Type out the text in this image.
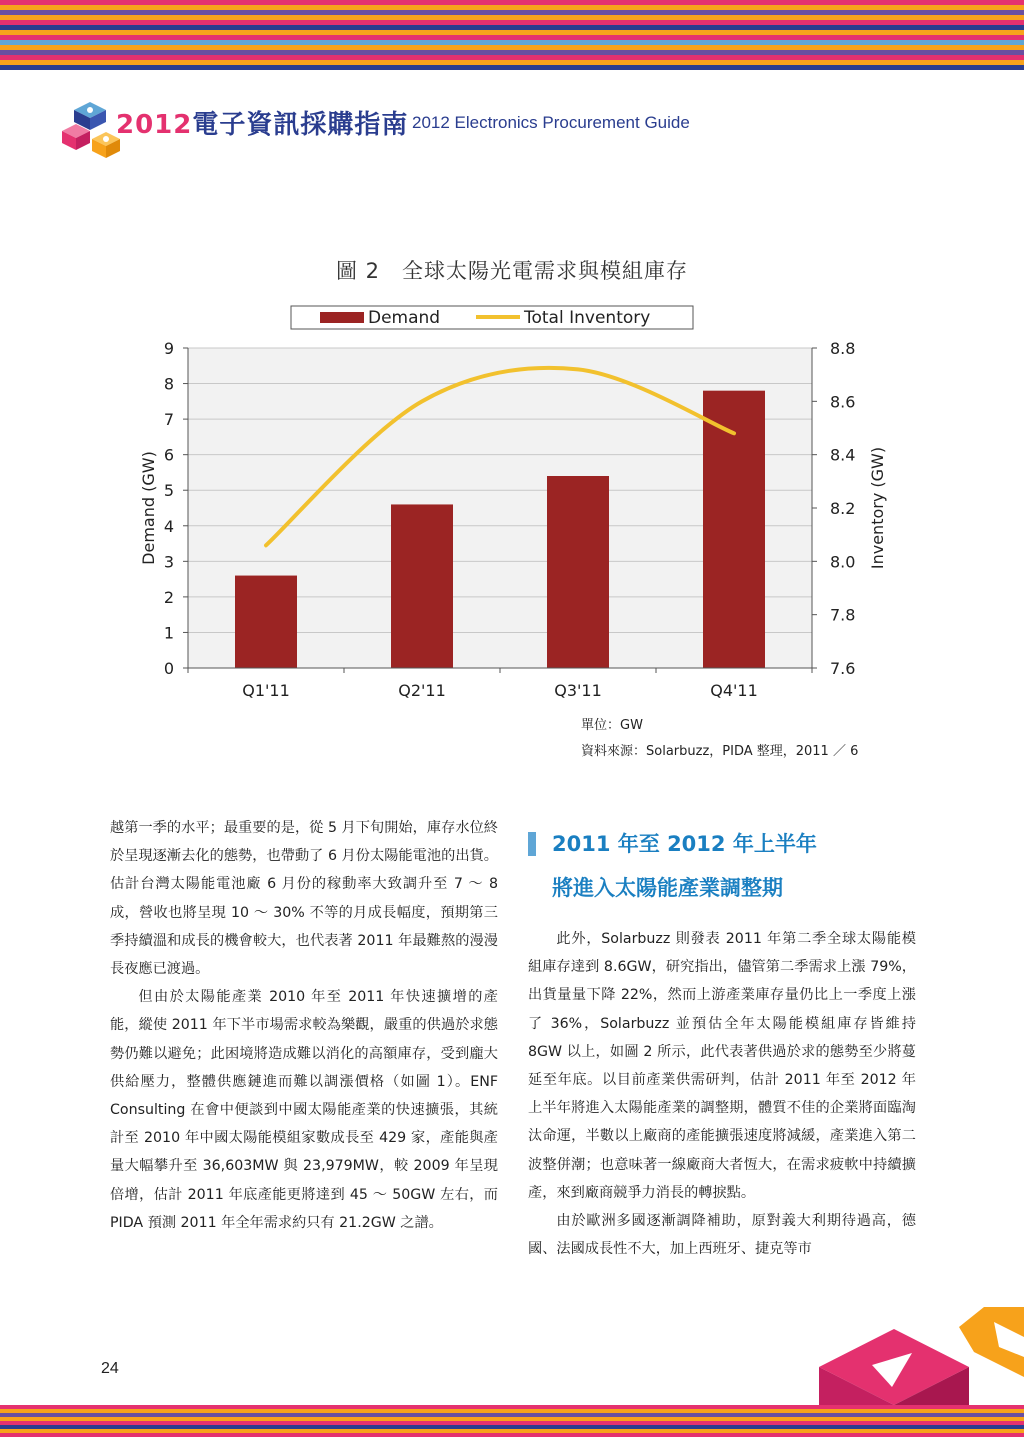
2012電子資訊採購指南 2012 Electronics Procurement Guide
圖 2　全球太陽光電需求與模組庫存
0
1
2
3
4
5
6
7
8
9
7.6
7.8
8.0
8.2
8.4
8.6
8.8
Q1'11	Q2'11	Q3'11	Q4'11
Demand (GW)	Inventory (GW)
Demand	Total Inventory
單位：GW
資料來源：Solarbuzz，PIDA 整理，2011 ／ 6

越第一季的水平；最重要的是，從 5 月下旬開始，庫存水位終於呈現逐漸去化的態勢，也帶動了 6 月份太陽能電池的出貨。估計台灣太陽能電池廠 6 月份的稼動率大致調升至 7 ～ 8 成，營收也將呈現 10 ～ 30% 不等的月成長幅度，預期第三季持續溫和成長的機會較大，也代表著 2011 年最難熬的漫漫長夜應已渡過。

但由於太陽能產業 2010 年至 2011 年快速擴增的產能，縱使 2011 年下半市場需求較為樂觀，嚴重的供過於求態勢仍難以避免；此困境將造成難以消化的高額庫存，受到龐大供給壓力，整體供應鏈進而難以調漲價格（如圖 1）。ENF Consulting 在會中便談到中國太陽能產業的快速擴張，其統計至 2010 年中國太陽能模組家數成長至 429 家，產能與產量大幅攀升至 36,603MW 與 23,979MW，較 2009 年呈現倍增，估計 2011 年底產能更將達到 45 ～ 50GW 左右，而 PIDA 預測 2011 年全年需求約只有 21.2GW 之譜。

2011 年至 2012 年上半年
將進入太陽能產業調整期

此外，Solarbuzz 則發表 2011 年第二季全球太陽能模組庫存達到 8.6GW，研究指出，儘管第二季需求上漲 79%，出貨量量下降 22%，然而上游產業庫存量仍比上一季度上漲了 36%，Solarbuzz 並預估全年太陽能模組庫存皆維持 8GW 以上，如圖 2 所示，此代表著供過於求的態勢至少將蔓延至年底。以目前產業供需研判，估計 2011 年至 2012 年上半年將進入太陽能產業的調整期，體質不佳的企業將面臨淘汰命運，半數以上廠商的產能擴張速度將減緩，產業進入第二波整併潮；也意味著一線廠商大者恆大，在需求疲軟中持續擴產，來到廠商競爭力消長的轉捩點。

由於歐洲多國逐漸調降補助，原對義大利期待過高，德國、法國成長性不大，加上西班牙、捷克等市

24
